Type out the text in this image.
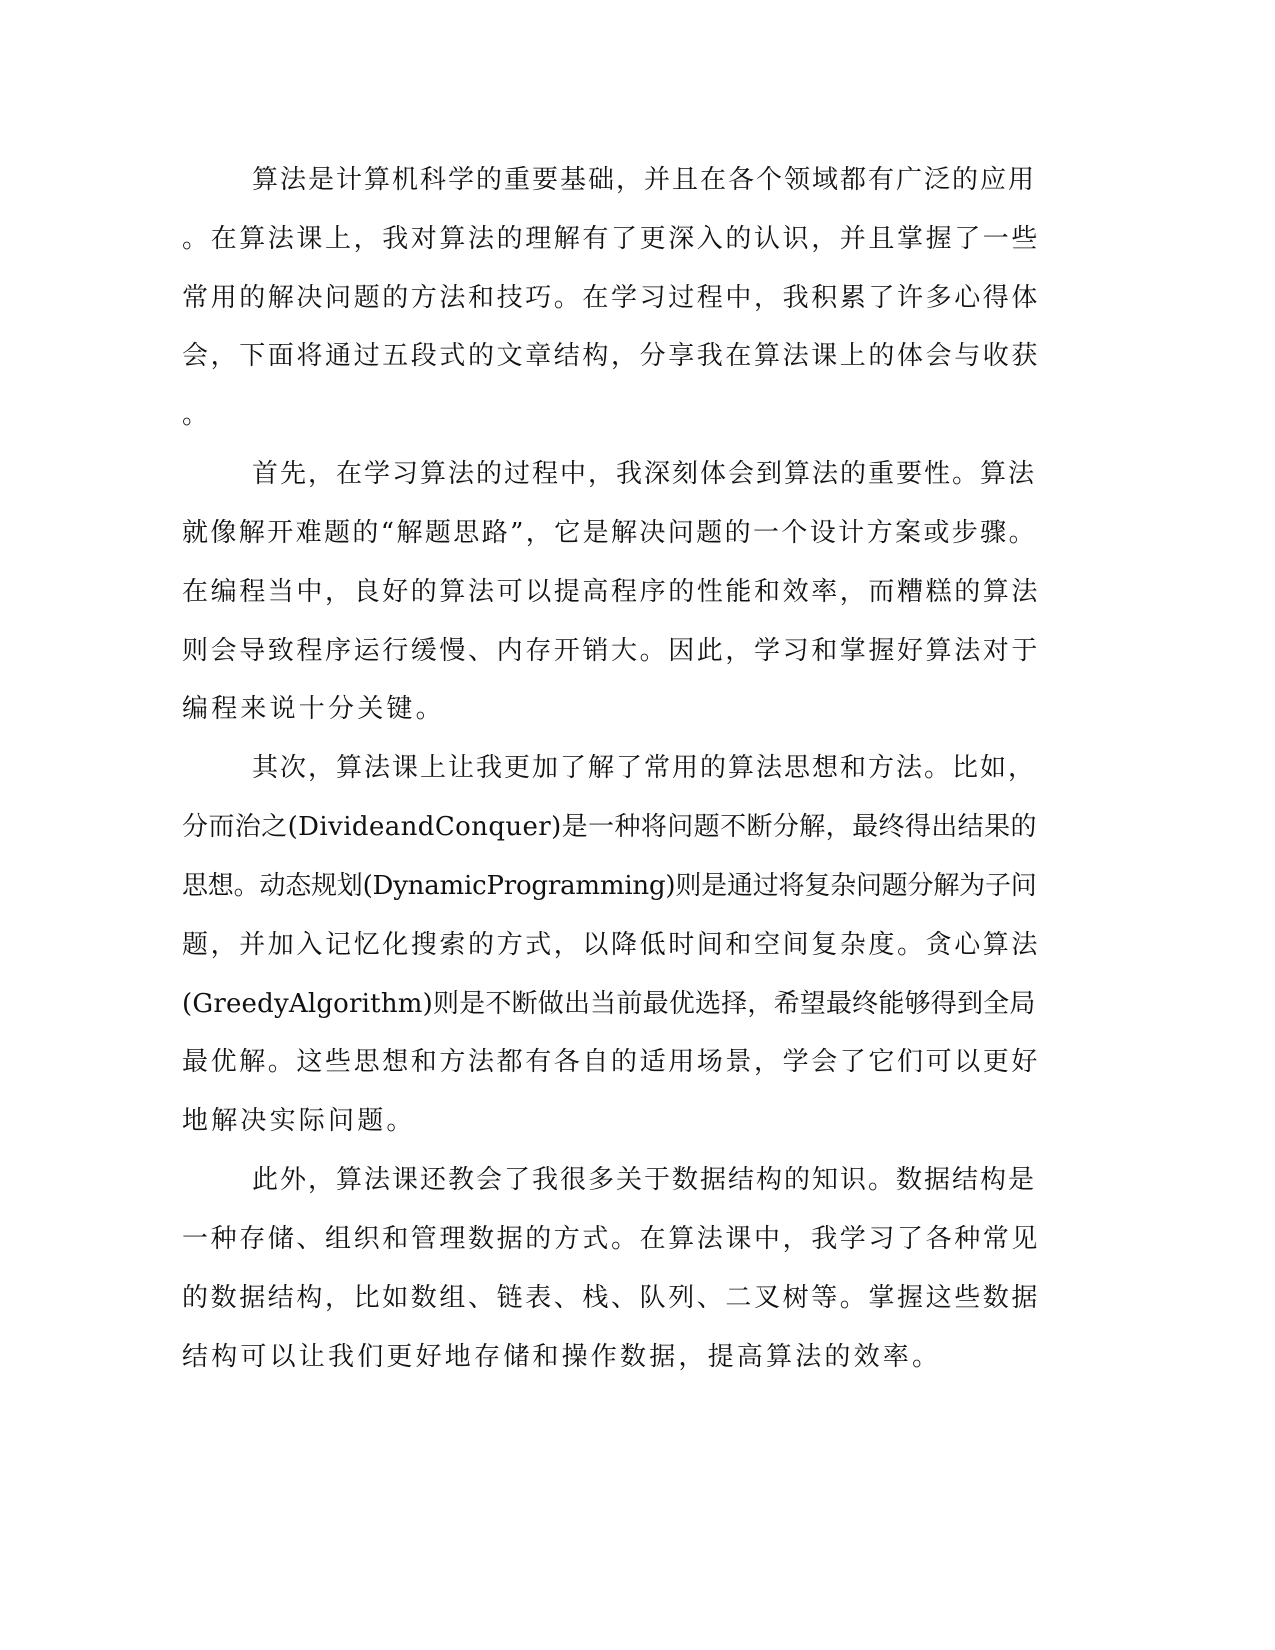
算法是计算机科学的重要基础，并且在各个领域都有广泛的应用

。在算法课上，我对算法的理解有了更深入的认识，并且掌握了一些

常用的解决问题的方法和技巧。在学习过程中，我积累了许多心得体

会，下面将通过五段式的文章结构，分享我在算法课上的体会与收获

。

首先，在学习算法的过程中，我深刻体会到算法的重要性。算法

就像解开难题的“解题思路”，它是解决问题的一个设计方案或步骤。

在编程当中，良好的算法可以提高程序的性能和效率，而糟糕的算法

则会导致程序运行缓慢、内存开销大。因此，学习和掌握好算法对于

编程来说十分关键。

其次，算法课上让我更加了解了常用的算法思想和方法。比如，

分而治之(DivideandConquer)是一种将问题不断分解，最终得出结果的

思想。动态规划(DynamicProgramming)则是通过将复杂问题分解为子问

题，并加入记忆化搜索的方式，以降低时间和空间复杂度。贪心算法

(GreedyAlgorithm)则是不断做出当前最优选择，希望最终能够得到全局

最优解。这些思想和方法都有各自的适用场景，学会了它们可以更好

地解决实际问题。

此外，算法课还教会了我很多关于数据结构的知识。数据结构是

一种存储、组织和管理数据的方式。在算法课中，我学习了各种常见

的数据结构，比如数组、链表、栈、队列、二叉树等。掌握这些数据

结构可以让我们更好地存储和操作数据，提高算法的效率。
